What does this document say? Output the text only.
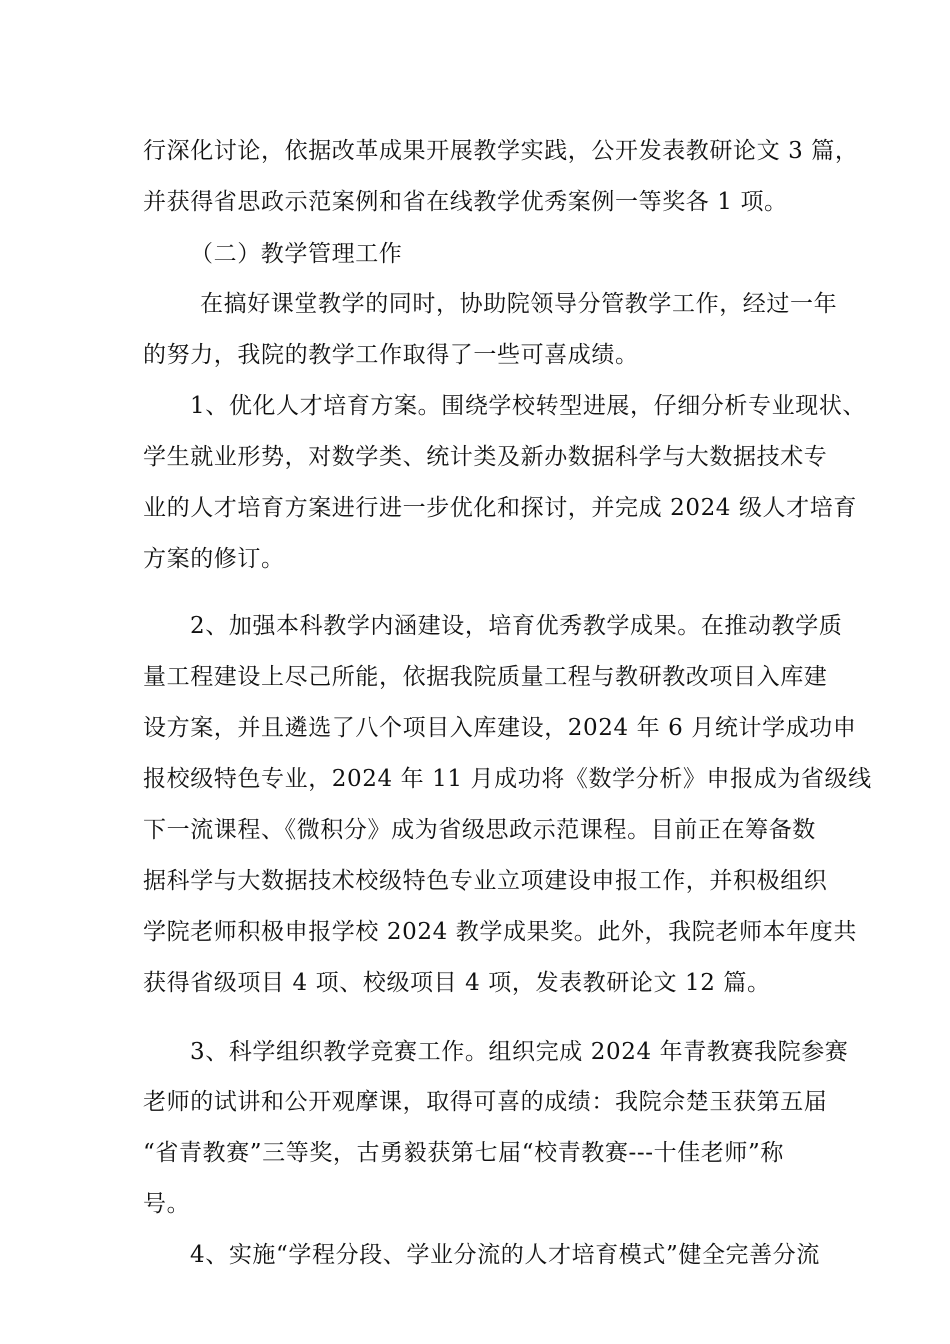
行深化讨论，依据改革成果开展教学实践，公开发表教研论文 3 篇，
并获得省思政示范案例和省在线教学优秀案例一等奖各 1 项。
（二）教学管理工作
在搞好课堂教学的同时，协助院领导分管教学工作，经过一年
的努力，我院的教学工作取得了一些可喜成绩。
1、优化人才培育方案。围绕学校转型进展，仔细分析专业现状、
学生就业形势，对数学类、统计类及新办数据科学与大数据技术专
业的人才培育方案进行进一步优化和探讨，并完成 2024 级人才培育
方案的修订。
2、加强本科教学内涵建设，培育优秀教学成果。在推动教学质
量工程建设上尽己所能，依据我院质量工程与教研教改项目入库建
设方案，并且遴选了八个项目入库建设，2024 年 6 月统计学成功申
报校级特色专业，2024 年 11 月成功将《数学分析》申报成为省级线
下一流课程、《微积分》成为省级思政示范课程。目前正在筹备数
据科学与大数据技术校级特色专业立项建设申报工作，并积极组织
学院老师积极申报学校 2024 教学成果奖。此外，我院老师本年度共
获得省级项目 4 项、校级项目 4 项，发表教研论文 12 篇。
3、科学组织教学竞赛工作。组织完成 2024 年青教赛我院参赛
老师的试讲和公开观摩课，取得可喜的成绩：我院佘楚玉获第五届
“省青教赛”三等奖，古勇毅获第七届“校青教赛---十佳老师”称
号。
4、实施“学程分段、学业分流的人才培育模式”健全完善分流
